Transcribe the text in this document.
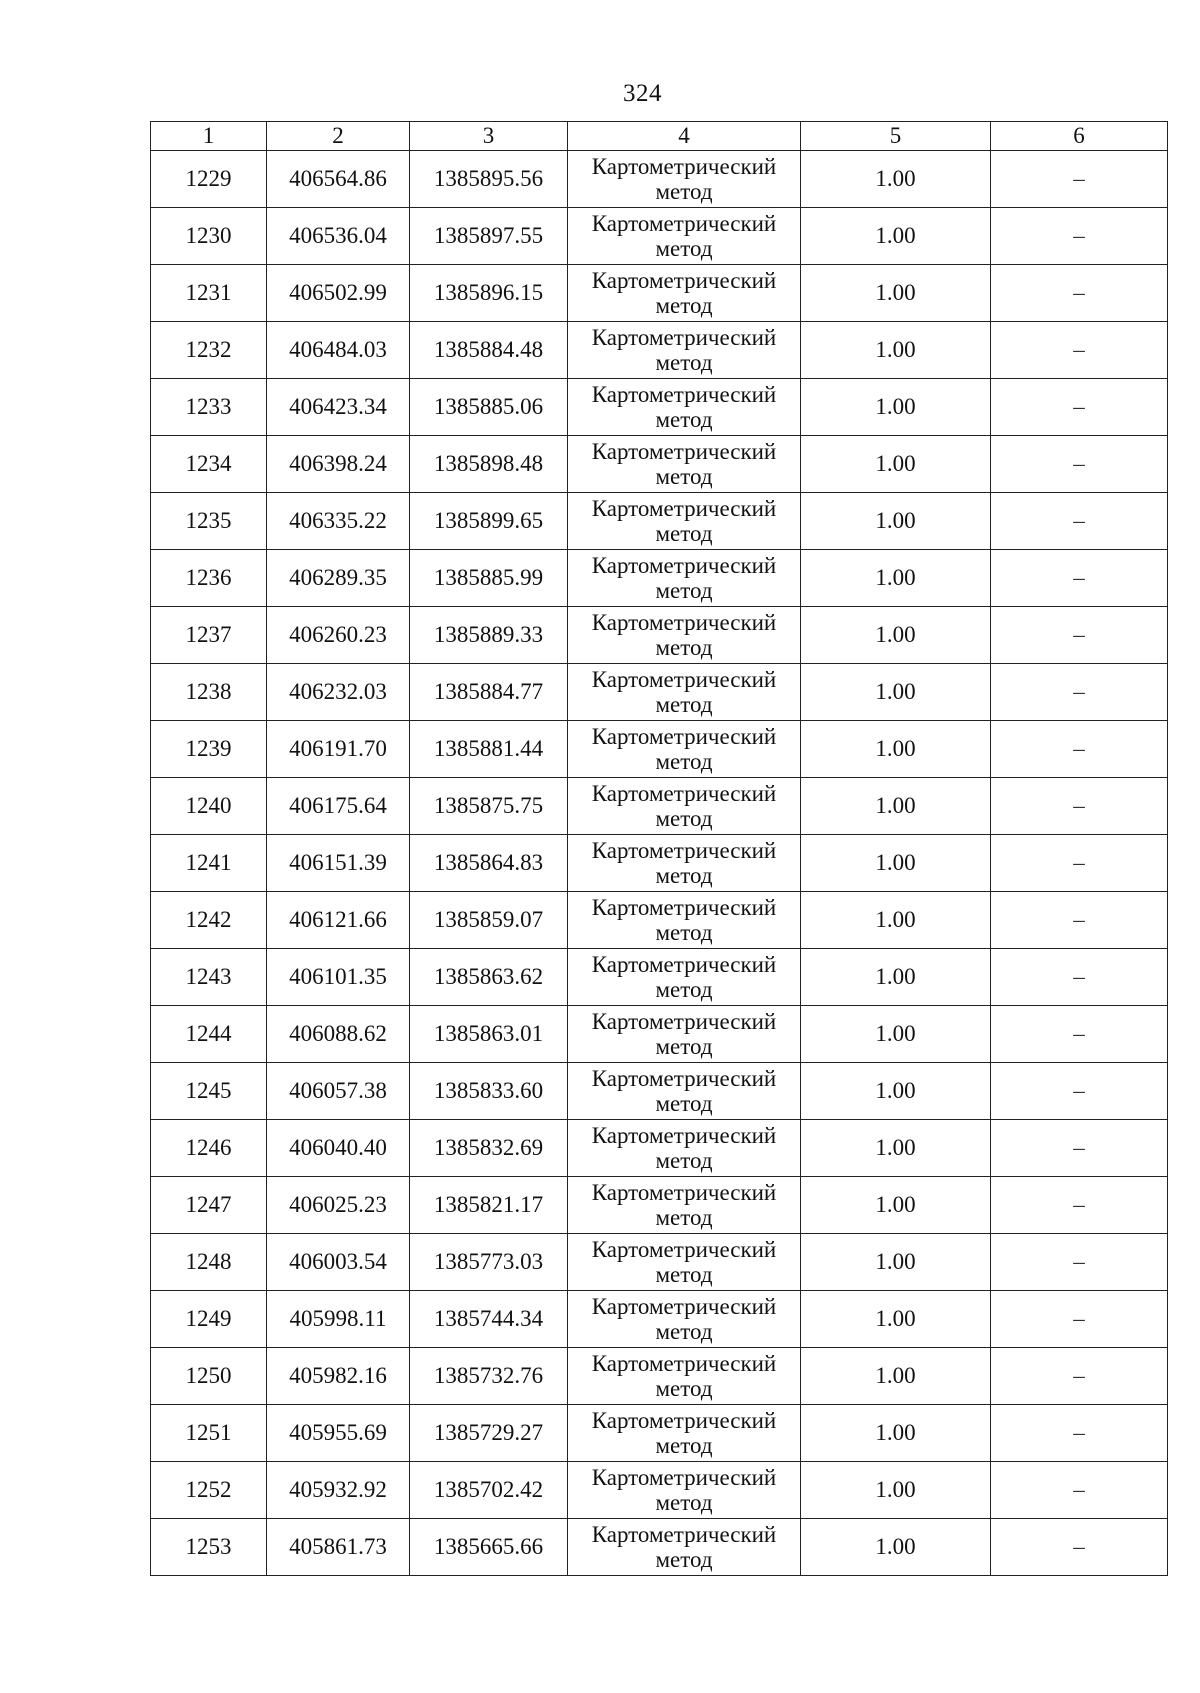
324
1	2	3	4	5	6
1229	406564.86	1385895.56	Картометрический метод	1.00	–
1230	406536.04	1385897.55	Картометрический метод	1.00	–
1231	406502.99	1385896.15	Картометрический метод	1.00	–
1232	406484.03	1385884.48	Картометрический метод	1.00	–
1233	406423.34	1385885.06	Картометрический метод	1.00	–
1234	406398.24	1385898.48	Картометрический метод	1.00	–
1235	406335.22	1385899.65	Картометрический метод	1.00	–
1236	406289.35	1385885.99	Картометрический метод	1.00	–
1237	406260.23	1385889.33	Картометрический метод	1.00	–
1238	406232.03	1385884.77	Картометрический метод	1.00	–
1239	406191.70	1385881.44	Картометрический метод	1.00	–
1240	406175.64	1385875.75	Картометрический метод	1.00	–
1241	406151.39	1385864.83	Картометрический метод	1.00	–
1242	406121.66	1385859.07	Картометрический метод	1.00	–
1243	406101.35	1385863.62	Картометрический метод	1.00	–
1244	406088.62	1385863.01	Картометрический метод	1.00	–
1245	406057.38	1385833.60	Картометрический метод	1.00	–
1246	406040.40	1385832.69	Картометрический метод	1.00	–
1247	406025.23	1385821.17	Картометрический метод	1.00	–
1248	406003.54	1385773.03	Картометрический метод	1.00	–
1249	405998.11	1385744.34	Картометрический метод	1.00	–
1250	405982.16	1385732.76	Картометрический метод	1.00	–
1251	405955.69	1385729.27	Картометрический метод	1.00	–
1252	405932.92	1385702.42	Картометрический метод	1.00	–
1253	405861.73	1385665.66	Картометрический метод	1.00	–
